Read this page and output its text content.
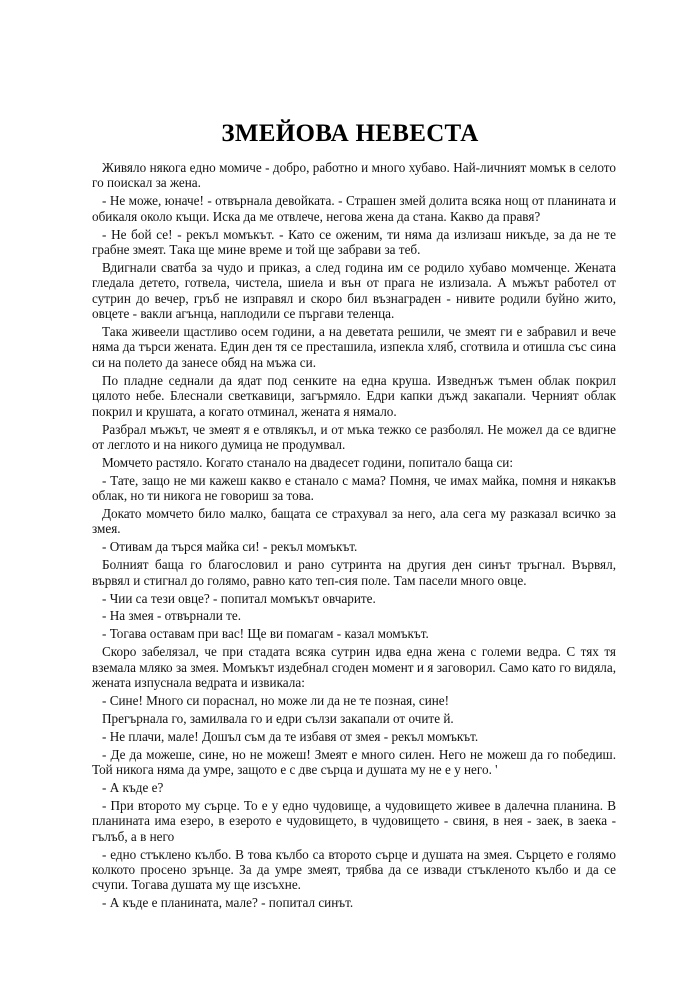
ЗМЕЙОВА НЕВЕСТА

Живяло някога едно момиче - добро, работно и много хубаво. Най-личният момък в селото го поискал за жена.

- Не може, юначе! - отвърнала девойката. - Страшен змей долита всяка нощ от планината и обикаля около къщи. Иска да ме отвлече, негова жена да стана. Какво да правя?

- Не бой се! - рекъл момъкът. - Като се оженим, ти няма да излизаш никъде, за да не те грабне змеят. Така ще мине време и той ще забрави за теб.

Вдигнали сватба за чудо и приказ, а след година им се родило хубаво момченце. Жената гледала детето, готвела, чистела, шиела и вън от прага не излизала. А мъжът работел от сутрин до вечер, гръб не изправял и скоро бил възнаграден - нивите родили буйно жито, овцете - вакли агънца, наплодили се пъргави теленца.

Така живеели щастливо осем години, а на деветата решили, че змеят ги е забравил и вече няма да търси жената. Един ден тя се престашила, изпекла хляб, сготвила и отишла със сина си на полето да занесе обяд на мъжа си.

По пладне седнали да ядат под сенките на една круша. Изведнъж тъмен облак покрил цялото небе. Блеснали светкавици, загърмяло. Едри капки дъжд закапали. Черният облак покрил и крушата, а когато отминал, жената я нямало.

Разбрал мъжът, че змеят я е отвлякъл, и от мъка тежко се разболял. Не можел да се вдигне от леглото и на никого думица не продумвал.

Момчето растяло. Когато станало на двадесет години, попитало баща си:

- Тате, защо не ми кажеш какво е станало с мама? Помня, че имах майка, помня и някакъв облак, но ти никога не говориш за това.

Докато момчето било малко, бащата се страхувал за него, ала сега му разказал всичко за змея.

- Отивам да търся майка си! - рекъл момъкът.

Болният баща го благословил и рано сутринта на другия ден синът тръгнал. Вървял, вървял и стигнал до голямо, равно като теп-сия поле. Там пасели много овце.

- Чии са тези овце? - попитал момъкът овчарите.

- На змея - отвърнали те.

- Тогава оставам при вас! Ще ви помагам - казал момъкът.

Скоро забелязал, че при стадата всяка сутрин идва една жена с големи ведра. С тях тя вземала мляко за змея. Момъкът издебнал сгоден момент и я заговорил. Само като го видяла, жената изпуснала ведрата и извикала:

- Сине! Много си пораснал, но може ли да не те позная, сине!

Прегърнала го, замилвала го и едри сълзи закапали от очите й.

- Не плачи, мале! Дошъл съм да те избавя от змея - рекъл момъкът.

- Де да можеше, сине, но не можеш! Змеят е много силен. Него не можеш да го победиш. Той никога няма да умре, защото е с две сърца и душата му не е у него. '

- А къде е?

- При второто му сърце. То е у едно чудовище, а чудовището живее в далечна планина. В планината има езеро, в езерото е чудовището, в чудовището - свиня, в нея - заек, в заека - гълъб, а в него

- едно стъклено кълбо. В това кълбо са второто сърце и душата на змея. Сърцето е голямо колкото просено зрънце. За да умре змеят, трябва да се извади стъкленото кълбо и да се счупи. Тогава душата му ще изсъхне.

- А къде е планината, мале? - попитал синът.
